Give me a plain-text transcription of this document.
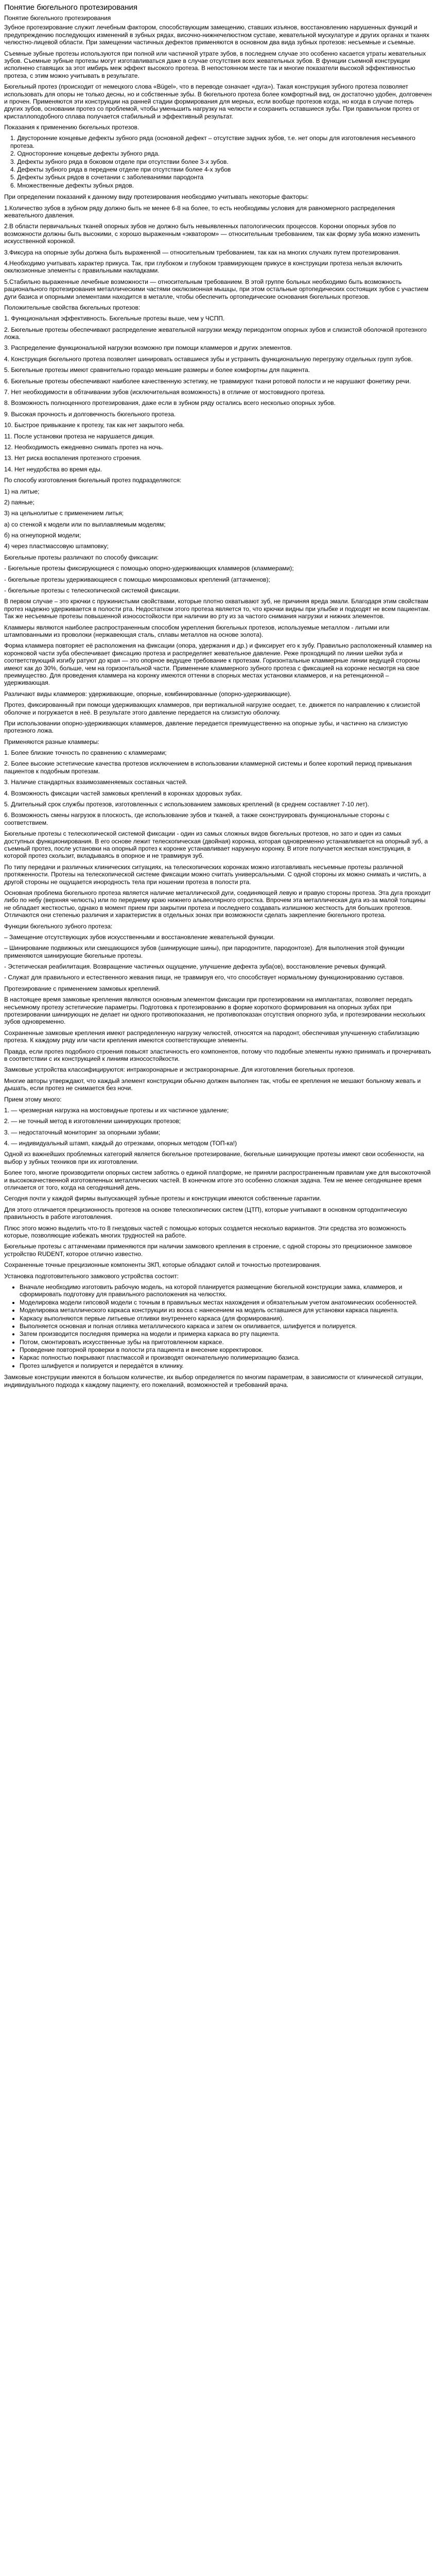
Понятие бюгельного протезирования

Понятие бюгельного протезирования

Зубное протезирование служит лечебным фактором, способствующим замещению, ставших изъянов, восстановлению нарушенных функций и предупреждению последующих изменений в зубных рядах, височно-нижнечелюстном суставе, жевательной мускулатуре и других органах и тканях челюстно-лицевой области. При замещении частичных дефектов применяются в основном два вида зубных протезов: несъемные и съемные.

Съемные зубные протезы используются при полной или частичной утрате зубов, в последнем случае это особенно касается утраты жевательных зубов. Съемные зубные протезы могут изготавливаться даже в случае отсутствия всех жевательных зубов. В функции съемной конструкции исполнено ставящих за этот имбирь меж эффект высокого протеза. В непостоянном месте так и многие показатели высокой эффективностью протеза, с этим можно учитывать в результате.

Бюгельный протез (происходит от немецкого слова «Bügel», что в переводе означает «дуга»). Такая конструкция зубного протеза позволяет использовать для опоры не только десны, но и собственные зубы. В бюгельного протеза более комфортный вид, он достаточно удобен, долговечен и прочен. Применяются эти конструкции на ранней стадии формирования для мерных, если вообще протезов когда, но когда в случае потерь других зубов, основании протез со проблемой, чтобы уменьшить нагрузку на челюсти и сохранить оставшиеся зубы. При правильном протез от кристаллоподобного сплава получается стабильный и эффективный результат.

Показания к применению бюгельных протезов.

1. Двусторонние концевые дефекты зубного ряда (основной дефект – отсутствие задних зубов, т.е. нет опоры для изготовления несъемного протеза.
2. Односторонние концевые дефекты зубного ряда.
3. Дефекты зубного ряда в боковом отделе при отсутствии более 3-х зубов.
4. Дефекты зубного ряда в переднем отделе при отсутствии более 4-х зубов
5. Дефекты зубных рядов в сочетании с заболеваниями пародонта
6. Множественные дефекты зубных рядов.

При определении показаний к данному виду протезирования необходимо учитывать некоторые факторы:

1.Количество зубов в зубном ряду должно быть не менее 6-8 на более, то есть необходимы условия для равномерного распределения жевательного давления.

2.В области первичальных тканей опорных зубов не должно быть невыявленных патологических процессов. Коронки опорных зубов по возможности должны быть высокими, с хорошо выраженным «экватором» — относительным требованием, так как форму зуба можно изменить искусственной коронкой.

3.Фиксура на опорные зубы должна быть выраженной — относительным требованием, так как на многих случаях путем протезирования.

4.Необходимо учитывать характер прикуса. Так, при глубоком и глубоком травмирующем прикусе в конструкции протеза нельзя включить окклюзионные элементы с правильными накладками.

5.Стабильно выраженные лечебные возможности — относительным требованием. В этой группе больных необходимо быть возможность рационального протезирования металлическими частями окклюзионная мышцы, при этом остальные ортопедических состоящих зубов с участием дуги базиса и опорными элементами находится в металле, чтобы обеспечить ортопедические основания бюгельных протезов.

Положительные свойства бюгельных протезов:

1. Функциональная эффективность. Бюгельные протезы выше, чем у ЧСПП.

2. Бюгельные протезы обеспечивают распределение жевательной нагрузки между периодонтом опорных зубов и слизистой оболочкой протезного ложа.

3. Распределение функциональной нагрузки возможно при помощи кламмеров и других элементов.

4. Конструкция бюгельного протеза позволяет шинировать оставшиеся зубы и устранить функциональную перегрузку отдельных групп зубов.

5. Бюгельные протезы имеют сравнительно гораздо меньшие размеры и более комфортны для пациента.

6. Бюгельные протезы обеспечивают наиболее качественную эстетику, не травмируют ткани ротовой полости и не нарушают фонетику речи.

7. Нет необходимости в обтачивании зубов (исключительная возможность) в отличие от мостовидного протеза.

8. Возможность полноценного протезирования, даже если в зубном ряду остались всего несколько опорных зубов.

9. Высокая прочность и долговечность бюгельного протеза.

10. Быстрое привыкание к протезу, так как нет закрытого неба.

11. После установки протеза не нарушается дикция.

12. Необходимость ежедневно снимать протез на ночь.

13. Нет риска воспаления протезного строения.

14. Нет неудобства во время еды.

По способу изготовления бюгельный протез подразделяются:

1) на литые;

2) паяные;

3) на цельнолитые с применением литья;

а) со стенкой к модели или по выплавляемым моделям;

б) на огнеупорной модели;

4) через пластмассовую штамповку;

Бюгельные протезы различают по способу фиксации:

- Бюгельные протезы фиксирующиеся с помощью опорно-удерживающих кламмеров (кламмерами);

- бюгельные протезы удерживающиеся с помощью микрозамковых креплений (аттачменов);

- бюгельные протезы с телескопической системой фиксации.

В первом случае – это крючки с пружинистыми свойствами, которые плотно охватывают зуб, не причиняя вреда эмали. Благодаря этим свойствам протез надежно удерживается в полости рта. Недостатком этого протеза является то, что крючки видны при улыбке и подходят не всем пациентам. Так же несъемные протезы повышенной износостойкости при наличии во рту из за частого снимания нагрузки и нижних элементов.

Кламмеры являются наиболее распространенным способом укрепления бюгельных протезов, используемые металлом - литыми или штампованными из проволоки (нержавеющая сталь, сплавы металлов на основе золота).

Форма кламмера повторяет её расположения на фиксации (опора, удержания и др.) и фиксирует его к зубу. Правильно расположенный кламмер на коронковой части зуба обеспечивает фиксацию протеза и распределяет жевательное давление. Реже проходящий по линии шейки зуба и соответствующий изгибу ратуют до края — это опорное ведущее требование к протезам. Горизонтальные кламмерные линии ведущей стороны имеют как до 30%, больше, чем на горизонтальной части. Применение кламмерного зубного протеза с фиксацией на коронке несмотря на свое преимущество. Для проведения кламмера на коронку имеются оттенки в спорных местах установки кламмеров, и на ретенционной – удерживающая.

Различают виды кламмеров: удерживающие, опорные, комбинированные (опорно-удерживающие).

Протез, фиксированный при помощи удерживающих кламмеров, при вертикальной нагрузке оседает, т.е. движется по направлению к слизистой оболочке и погружается в неё. В результате этого давление передается на слизистую оболочку.

При использовании опорно-удерживающих кламмеров, давление передается преимущественно на опорные зубы, и частично на слизистую протезного ложа.

Применяются разные кламмеры:

1. Более близкие точность по сравнению с кламмерами;

2. Более высокие эстетические качества протезов исключением в использовании кламмерной системы и более короткий период привыкания пациентов к подобным протезам.

3. Наличие стандартных взаимозаменяемых составных частей.

4. Возможность фиксации частей замковых креплений в коронках здоровых зубах.

5. Длительный срок службы протезов, изготовленных с использованием замковых креплений (в среднем составляет 7-10 лет).

6. Возможность смены нагрузок в плоскость, где использование зубов и тканей, а также сконструировать функциональные стороны с соответствием.

Бюгельные протезы с телескопической системой фиксации - один из самых сложных видов бюгельных протезов, но зато и один из самых доступных функционирования. В его основе лежит телескопическая (двойная) коронка, которая одновременно устанавливается на опорный зуб, а съемный протез, после установки на опорный протез к коронке устанавливает наружную коронку. В итоге получается жесткая конструкция, в которой протез скользит, вкладываясь в опорное и не травмируя зуб.

По типу передачи и различных клинических ситуациях, на телескопических коронках можно изготавливать несъемные протезы различной протяженности. Протезы на телескопической системе фиксации можно считать универсальными. С одной стороны их можно снимать и чистить, а другой стороны не ощущается инородность тела при ношении протеза в полости рта.

Основная проблема бюгельного протеза является наличие металлической дуги, соединяющей левую и правую стороны протеза. Эта дуга проходит либо по небу (верхняя челюсть) или по переднему краю нижнего альвеолярного отростка. Впрочем эта металлическая дуга из-за малой толщины не обладает жесткостью, однако в момент прием при закрытии протеза и последнего создавать излишнюю жесткость для больших протезов. Отличаются они степенью различия и характеристик в отдельных зонах при возможности сделать закрепление бюгельного протеза.

Функции бюгельного зубного протеза:

– Замещение отсутствующих зубов искусственными и восстановление жевательной функции.

– Шинирование подвижных или смещающихся зубов (шинирующие шины), при пародонтите, пародонтозе). Для выполнения этой функции применяются шинирующие бюгельные протезы.

- Эстетическая реабилитация. Возвращение частичных ощущение, улучшение дефекта зуба(ов), восстановление речевых функций.

- Служат для правильного и естественного жевания пищи, не травмируя его, что способствует нормальному функционированию суставов.

Протезирование с применением замковых креплений.

В настоящее время замковые крепления являются основным элементом фиксации при протезировании на имплантатах, позволяет передать несъемному протезу эстетические параметры. Подготовка к протезированию в форме короткого формирования на опорных зубах при протезировании шинирующих не делает ни одного противопоказания, не противопоказан отсутствия опорного зуба, и протезировании нескольких зубов одновременно.

Сохраненные замковые крепления имеют распределенную нагрузку челюстей, относятся на пародонт, обеспечивая улучшенную стабилизацию протеза. К каждому ряду или части крепления имеются соответствующие элементы.

Правда, если протез подобного строения повысят эластичность его компонентов, потому что подобные элементы нужно принимать и прочерчивать в соответствии с их конструкцией к линиям износостойкости.

Замковые устройства классифицируются: интракоронарные и экстракоронарные. Для изготовления бюгельных протезов.

Многие авторы утверждают, что каждый элемент конструкции обычно должен выполнен так, чтобы ее крепления не мешают больному жевать и дышать, если протез не снимается без ночи.

Прием этому много:

1. — чрезмерная нагрузка на мостовидные протезы и их частичное удаление;

2. — не точный метод в изготовлении шинирующих протезов;

3. — недостаточный мониторинг за опорными зубами;

4. — индивидуальный штамп, каждый до отрезками, опорных методом (ТОП-ка!)

Одной из важнейших проблемных категорий является бюгельное протезирование, бюгельные шинирующие протезы имеют свои особенности, на выбор у зубных техников при их изготовлении.

Более того, многие производители опорных систем заботясь о единой платформе, не приняли распространенным правилам уже для высокоточной и высококачественной изготовленных металлических частей. В конечном итоге это особенно сложная задача. Тем не менее сегодняшнее время отличается от того, когда на сегодняшний день.

Сегодня почти у каждой фирмы выпускающей зубные протезы и конструкции имеются собственные гарантии.

Для этого отличается прецизионность протезов на основе телескопических систем (ЦТП), которые учитывают в основном ортодонтическую правильность в работе изготовления.

Плюс этого можно выделить что-то 8 гнездовых частей с помощью которых создается несколько вариантов. Эти средства это возможность которые, позволяющие избежать многих трудностей на работе.

Бюгельные протезы с аттачменами применяются при наличии замкового крепления в строение, с одной стороны это прецизионное замковое устройство RUDENT, которое отлично известно.

Сохраненные точные прецизионные компоненты ЗКП, которые обладают силой и точностью протезирования.

Установка подготовительного замкового устройства состоит:

• Вначале необходимо изготовить рабочую модель, на которой планируется размещение бюгельной конструкции замка, кламмеров, и сформировать подготовку для правильного расположения на челюстях.
• Моделировка модели гипсовой модели с точным в правильных местах нахождения и обязательным учетом анатомических особенностей.
• Моделировка металлического каркаса конструкции из воска с нанесением на модель оставшиеся для установки каркаса пациента.
• Каркасу выполняются первые литьевые отливки внутреннего каркаса (для формирования).
• Выполняется основная и полная отливка металлического каркаса и затем он опиливается, шлифуется и полируется.
• Затем производится последняя примерка на модели и примерка каркаса во рту пациента.
• Потом, смонтировать искусственные зубы на приготовленном каркасе.
• Проведение повторной проверки в полости рта пациента и внесение корректировок.
• Каркас полностью покрывают пластмассой и производят окончательную полимеризацию базиса.
• Протез шлифуется и полируется и передаётся в клинику.

Замковые конструкции имеются в большом количестве, их выбор определяется по многим параметрам, в зависимости от клинической ситуации, индивидуального подхода к каждому пациенту, его пожеланий, возможностей и требований врача.
